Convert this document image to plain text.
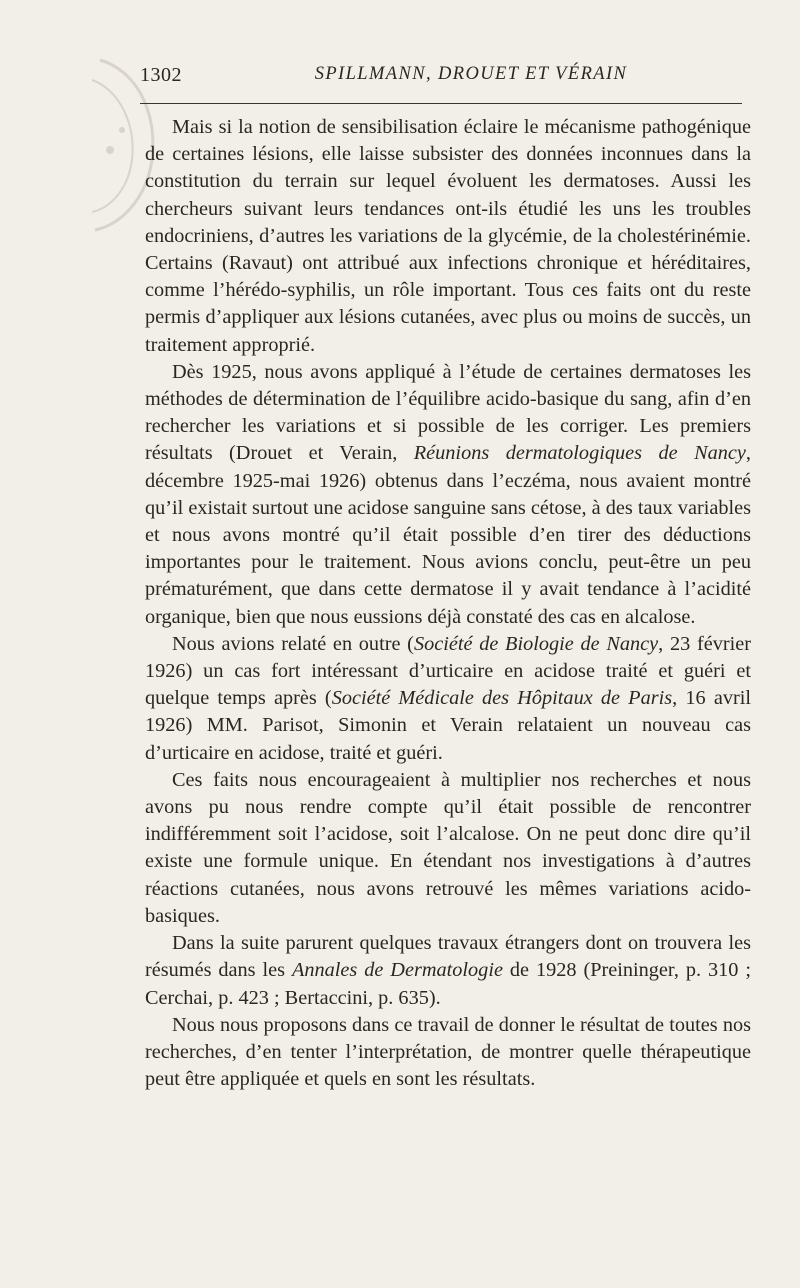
1302	SPILLMANN, DROUET ET VÉRAIN

Mais si la notion de sensibilisation éclaire le mécanisme pathogénique de certaines lésions, elle laisse subsister des données inconnues dans la constitution du terrain sur lequel évoluent les dermatoses. Aussi les chercheurs suivant leurs tendances ont-ils étudié les uns les troubles endocriniens, d’autres les variations de la glycémie, de la cholestérinémie. Certains (Ravaut) ont attribué aux infections chronique et héréditaires, comme l’hérédo-syphilis, un rôle important. Tous ces faits ont du reste permis d’appliquer aux lésions cutanées, avec plus ou moins de succès, un traitement approprié.

Dès 1925, nous avons appliqué à l’étude de certaines dermatoses les méthodes de détermination de l’équilibre acido-basique du sang, afin d’en rechercher les variations et si possible de les corriger. Les premiers résultats (Drouet et Verain, Réunions dermatologiques de Nancy, décembre 1925-mai 1926) obtenus dans l’eczéma, nous avaient montré qu’il existait surtout une acidose sanguine sans cétose, à des taux variables et nous avons montré qu’il était possible d’en tirer des déductions importantes pour le traitement. Nous avions conclu, peut-être un peu prématurément, que dans cette dermatose il y avait tendance à l’acidité organique, bien que nous eussions déjà constaté des cas en alcalose.

Nous avions relaté en outre (Société de Biologie de Nancy, 23 février 1926) un cas fort intéressant d’urticaire en acidose traité et guéri et quelque temps après (Société Médicale des Hôpitaux de Paris, 16 avril 1926) MM. Parisot, Simonin et Verain relataient un nouveau cas d’urticaire en acidose, traité et guéri.

Ces faits nous encourageaient à multiplier nos recherches et nous avons pu nous rendre compte qu’il était possible de rencontrer indifféremment soit l’acidose, soit l’alcalose. On ne peut donc dire qu’il existe une formule unique. En étendant nos investigations à d’autres réactions cutanées, nous avons retrouvé les mêmes variations acido-basiques.

Dans la suite parurent quelques travaux étrangers dont on trouvera les résumés dans les Annales de Dermatologie de 1928 (Preininger, p. 310 ; Cerchai, p. 423 ; Bertaccini, p. 635).

Nous nous proposons dans ce travail de donner le résultat de toutes nos recherches, d’en tenter l’interprétation, de montrer quelle thérapeutique peut être appliquée et quels en sont les résultats.
